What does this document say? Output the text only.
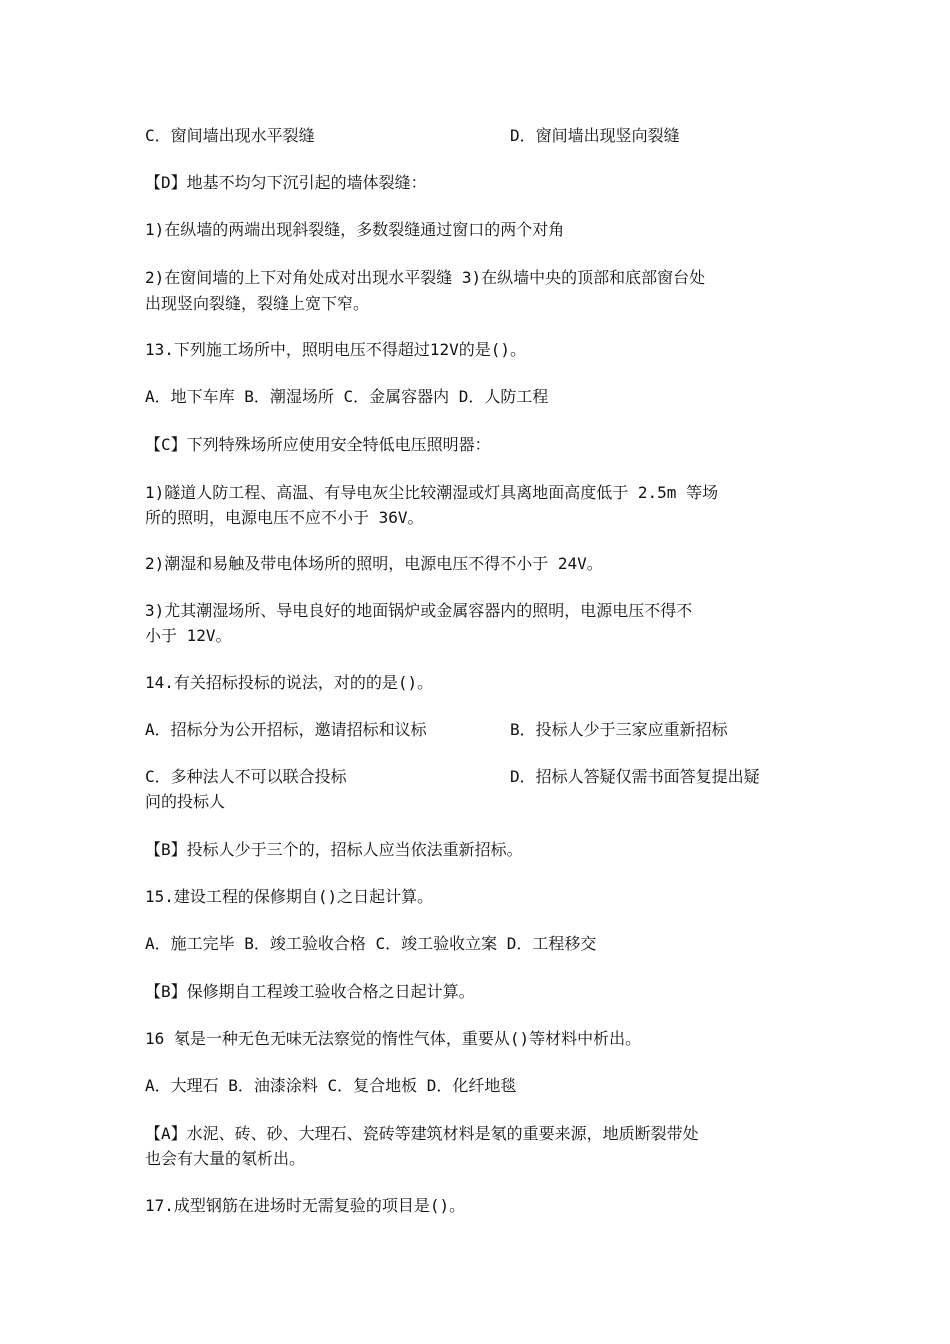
C．窗间墙出现水平裂缝	D．窗间墙出现竖向裂缝
【D】地基不均匀下沉引起的墙体裂缝：
1)在纵墙的两端出现斜裂缝，多数裂缝通过窗口的两个对角
2)在窗间墙的上下对角处成对出现水平裂缝 3)在纵墙中央的顶部和底部窗台处
出现竖向裂缝，裂缝上宽下窄。
13.下列施工场所中，照明电压不得超过12V的是()。
A．地下车库 B．潮湿场所 C．金属容器内 D．人防工程
【C】下列特殊场所应使用安全特低电压照明器：
1)隧道人防工程、高温、有导电灰尘比较潮湿或灯具离地面高度低于 2.5m 等场
所的照明，电源电压不应不小于 36V。
2)潮湿和易触及带电体场所的照明，电源电压不得不小于 24V。
3)尤其潮湿场所、导电良好的地面锅炉或金属容器内的照明，电源电压不得不
小于 12V。
14.有关招标投标的说法，对的的是()。
A．招标分为公开招标，邀请招标和议标	B．投标人少于三家应重新招标
C．多种法人不可以联合投标	D．招标人答疑仅需书面答复提出疑
问的投标人
【B】投标人少于三个的，招标人应当依法重新招标。
15.建设工程的保修期自()之日起计算。
A．施工完毕 B．竣工验收合格 C．竣工验收立案 D．工程移交
【B】保修期自工程竣工验收合格之日起计算。
16 氡是一种无色无味无法察觉的惰性气体，重要从()等材料中析出。
A．大理石 B．油漆涂料 C．复合地板 D．化纤地毯
【A】水泥、砖、砂、大理石、瓷砖等建筑材料是氡的重要来源，地质断裂带处
也会有大量的氡析出。
17.成型钢筋在进场时无需复验的项目是()。
